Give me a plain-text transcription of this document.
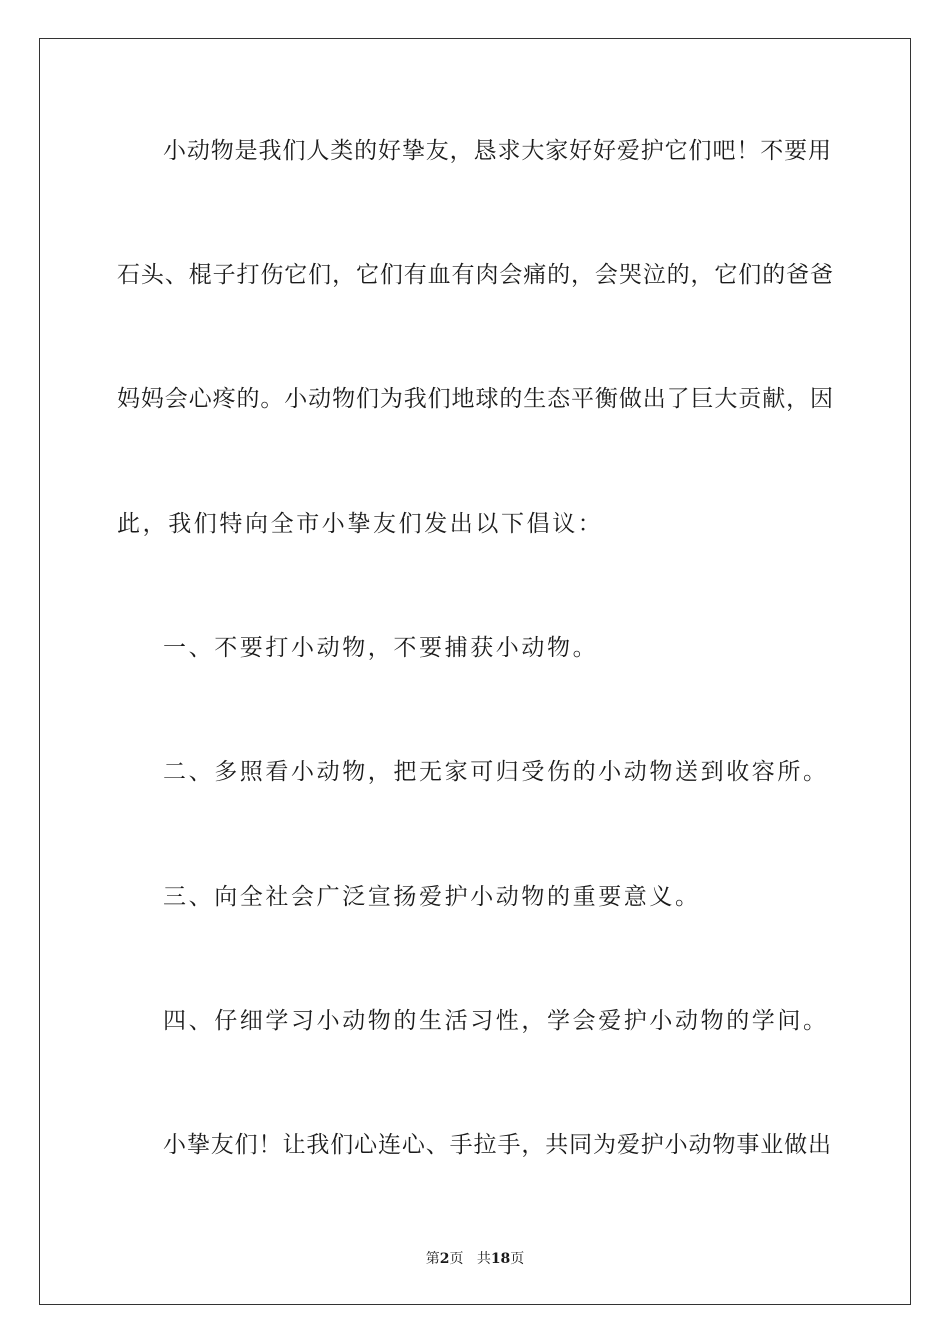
小动物是我们人类的好挚友，恳求大家好好爱护它们吧！不要用
石头、棍子打伤它们，它们有血有肉会痛的，会哭泣的，它们的爸爸
妈妈会心疼的。小动物们为我们地球的生态平衡做出了巨大贡献，因
此，我们特向全市小挚友们发出以下倡议：
一、不要打小动物，不要捕获小动物。
二、多照看小动物，把无家可归受伤的小动物送到收容所。
三、向全社会广泛宣扬爱护小动物的重要意义。
四、仔细学习小动物的生活习性，学会爱护小动物的学问。
小挚友们！让我们心连心、手拉手，共同为爱护小动物事业做出
第2页 共18页
